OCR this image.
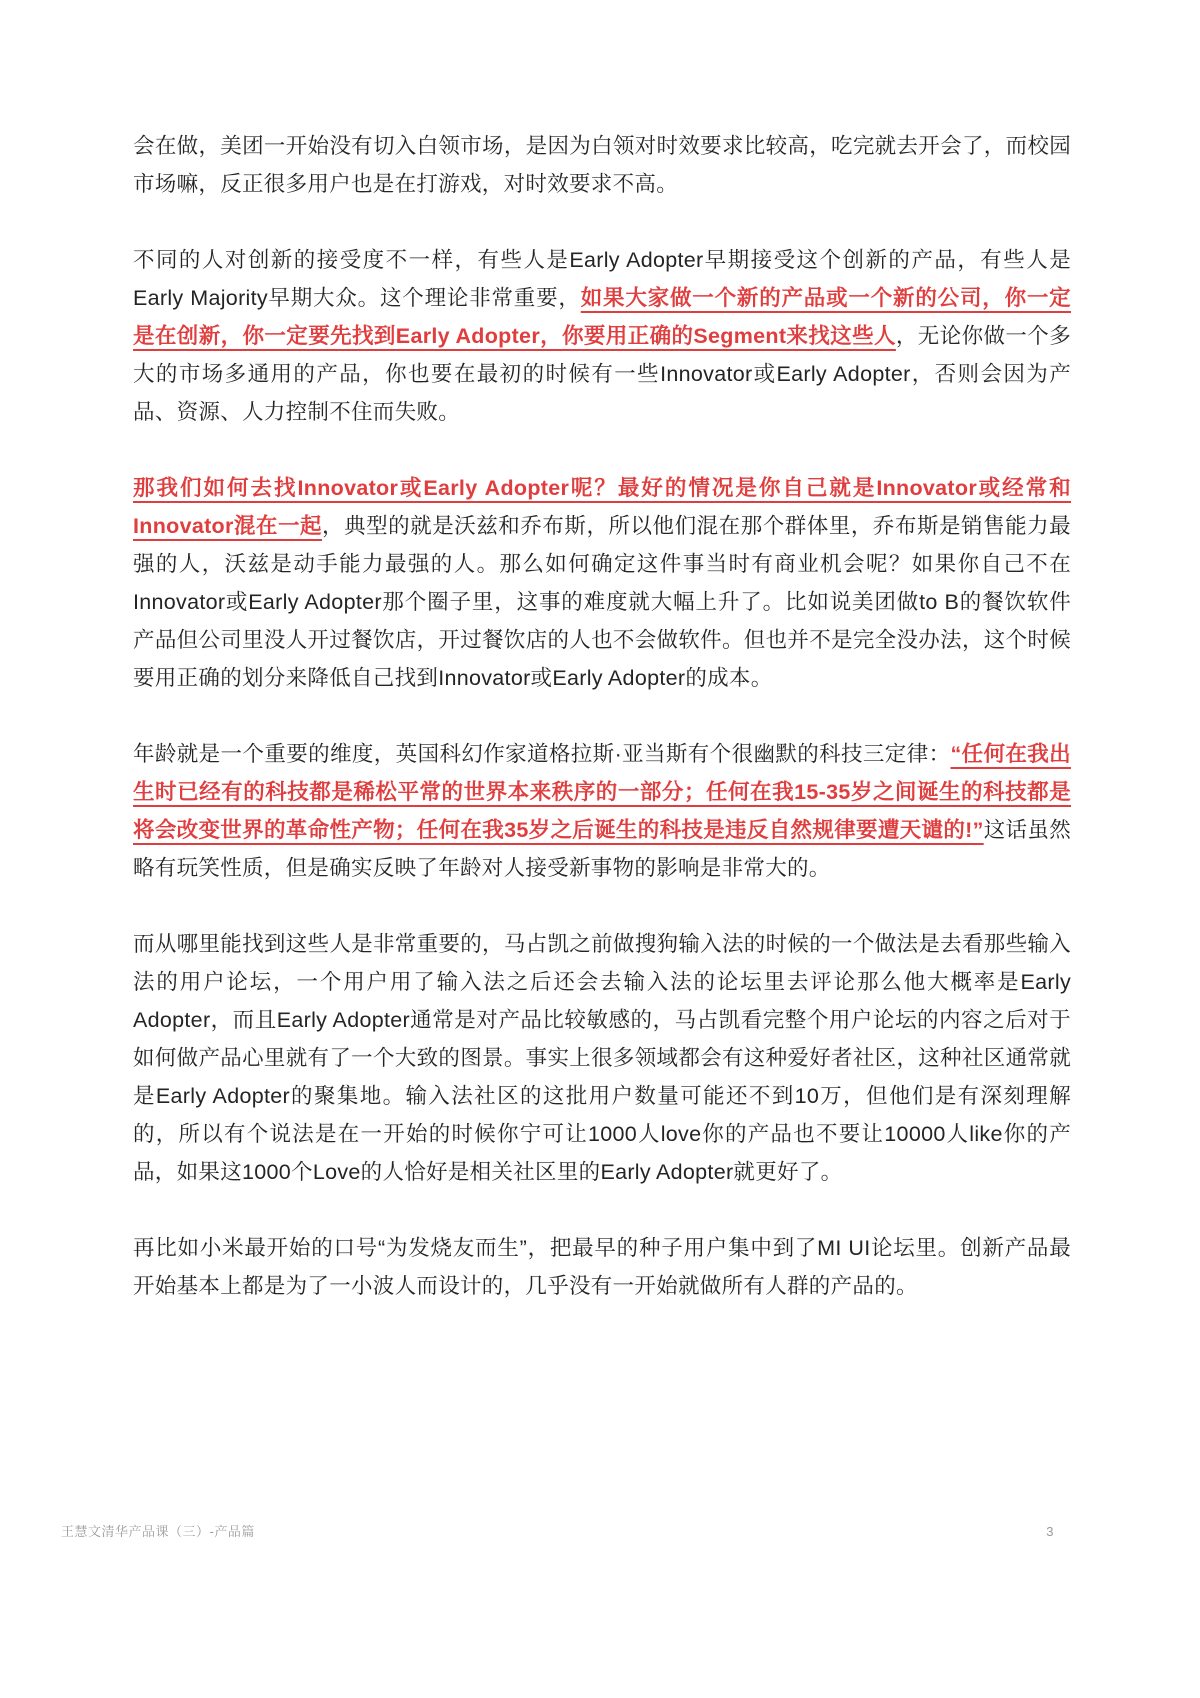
会在做，美团一开始没有切入白领市场，是因为白领对时效要求比较高，吃完就去开会了，而校园市场嘛，反正很多用户也是在打游戏，对时效要求不高。

不同的人对创新的接受度不一样，有些人是Early Adopter早期接受这个创新的产品，有些人是Early Majority早期大众。这个理论非常重要，如果大家做一个新的产品或一个新的公司，你一定是在创新，你一定要先找到Early Adopter，你要用正确的Segment来找这些人，无论你做一个多大的市场多通用的产品，你也要在最初的时候有一些Innovator或Early Adopter，否则会因为产品、资源、人力控制不住而失败。

那我们如何去找Innovator或Early Adopter呢？最好的情况是你自己就是Innovator或经常和Innovator混在一起，典型的就是沃兹和乔布斯，所以他们混在那个群体里，乔布斯是销售能力最强的人，沃兹是动手能力最强的人。那么如何确定这件事当时有商业机会呢？如果你自己不在Innovator或Early Adopter那个圈子里，这事的难度就大幅上升了。比如说美团做to B的餐饮软件产品但公司里没人开过餐饮店，开过餐饮店的人也不会做软件。但也并不是完全没办法，这个时候要用正确的划分来降低自己找到Innovator或Early Adopter的成本。

年龄就是一个重要的维度，英国科幻作家道格拉斯·亚当斯有个很幽默的科技三定律：“任何在我出生时已经有的科技都是稀松平常的世界本来秩序的一部分；任何在我15-35岁之间诞生的科技都是将会改变世界的革命性产物；任何在我35岁之后诞生的科技是违反自然规律要遭天谴的!”这话虽然略有玩笑性质，但是确实反映了年龄对人接受新事物的影响是非常大的。

而从哪里能找到这些人是非常重要的，马占凯之前做搜狗输入法的时候的一个做法是去看那些输入法的用户论坛，一个用户用了输入法之后还会去输入法的论坛里去评论那么他大概率是Early Adopter，而且Early Adopter通常是对产品比较敏感的，马占凯看完整个用户论坛的内容之后对于如何做产品心里就有了一个大致的图景。事实上很多领域都会有这种爱好者社区，这种社区通常就是Early Adopter的聚集地。输入法社区的这批用户数量可能还不到10万，但他们是有深刻理解的，所以有个说法是在一开始的时候你宁可让1000人love你的产品也不要让10000人like你的产品，如果这1000个Love的人恰好是相关社区里的Early Adopter就更好了。

再比如小米最开始的口号“为发烧友而生”，把最早的种子用户集中到了MI UI论坛里。创新产品最开始基本上都是为了一小波人而设计的，几乎没有一开始就做所有人群的产品的。

王慧文清华产品课（三）-产品篇	3
